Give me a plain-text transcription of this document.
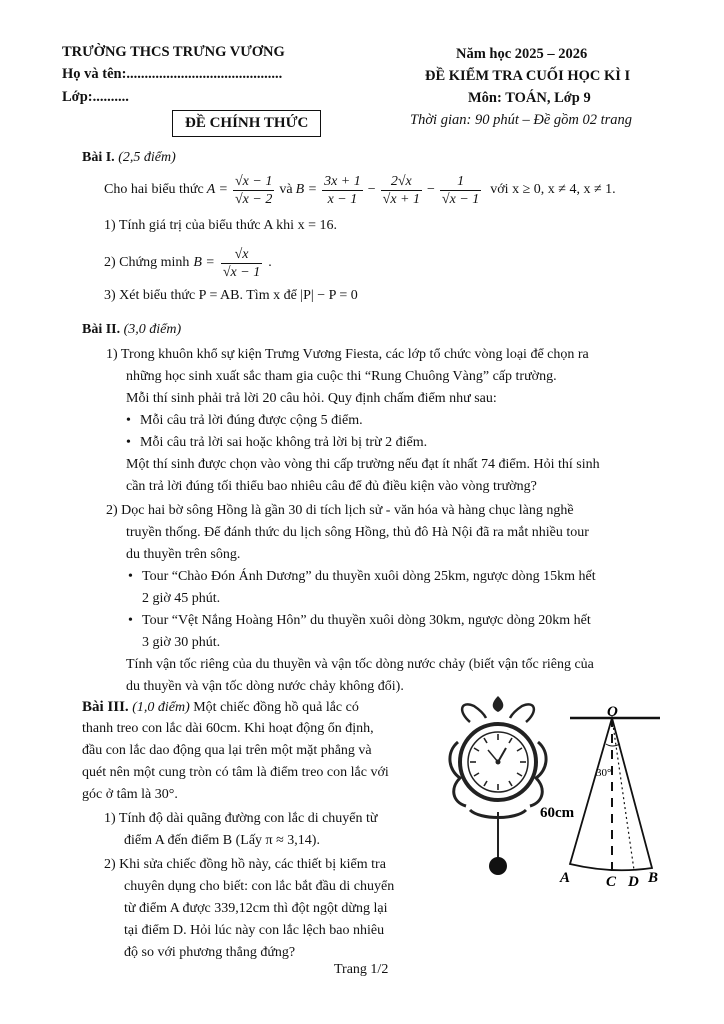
TRƯỜNG THCS TRƯNG VƯƠNG
Họ và tên:...........................................
Lớp:..........
Năm học 2025 – 2026
ĐỀ KIỂM TRA CUỐI HỌC KÌ I
Môn: TOÁN, Lớp 9
Thời gian: 90 phút – Đề gồm 02 trang
ĐỀ CHÍNH THỨC
Bài I. (2,5 điểm)
Cho hai biểu thức $A = \frac{√x - 1}{√x - 2}$ và $B = \frac{3x + 1}{x - 1} - \frac{2√x}{√x + 1} - \frac{1}{√x - 1}$ với x ≥ 0, x ≠ 4, x ≠ 1.
1) Tính giá trị của biểu thức A khi x = 16.
2) Chứng minh $B = \frac{√x}{√x - 1}$ .
3) Xét biểu thức P = AB. Tìm x để |P| − P = 0
Bài II. (3,0 điểm)
1) Trong khuôn khổ sự kiện Trưng Vương Fiesta, các lớp tổ chức vòng loại để chọn ra
những học sinh xuất sắc tham gia cuộc thi “Rung Chuông Vàng” cấp trường.
Mỗi thí sinh phải trả lời 20 câu hỏi. Quy định chấm điểm như sau:
• Mỗi câu trả lời đúng được cộng 5 điểm.
• Mỗi câu trả lời sai hoặc không trả lời bị trừ 2 điểm.
Một thí sinh được chọn vào vòng thi cấp trường nếu đạt ít nhất 74 điểm. Hỏi thí sinh
cần trả lời đúng tối thiểu bao nhiêu câu để đủ điều kiện vào vòng trường?
2) Dọc hai bờ sông Hồng là gần 30 di tích lịch sử - văn hóa và hàng chục làng nghề
truyền thống. Để đánh thức du lịch sông Hồng, thủ đô Hà Nội đã ra mắt nhiều tour
du thuyền trên sông.
• Tour “Chào Đón Ánh Dương” du thuyền xuôi dòng 25km, ngược dòng 15km hết
2 giờ 45 phút.
• Tour “Vệt Nắng Hoàng Hôn” du thuyền xuôi dòng 30km, ngược dòng 20km hết
3 giờ 30 phút.
Tính vận tốc riêng của du thuyền và vận tốc dòng nước chảy (biết vận tốc riêng của
du thuyền và vận tốc dòng nước chảy không đổi).
Bài III. (1,0 điểm) Một chiếc đồng hồ quả lắc có
thanh treo con lắc dài 60cm. Khi hoạt động ổn định,
đầu con lắc dao động qua lại trên một mặt phẳng và
quét nên một cung tròn có tâm là điểm treo con lắc với
góc ở tâm là 30°.
1) Tính độ dài quãng đường con lắc di chuyển từ
điểm A đến điểm B (Lấy π ≈ 3,14).
2) Khi sửa chiếc đồng hồ này, các thiết bị kiểm tra
chuyên dụng cho biết: con lắc bắt đầu di chuyển
từ điểm A được 339,12cm thì đột ngột dừng lại
tại điểm D. Hỏi lúc này con lắc lệch bao nhiêu
độ so với phương thẳng đứng?
O
30°
60cm
A C D B
Trang 1/2
